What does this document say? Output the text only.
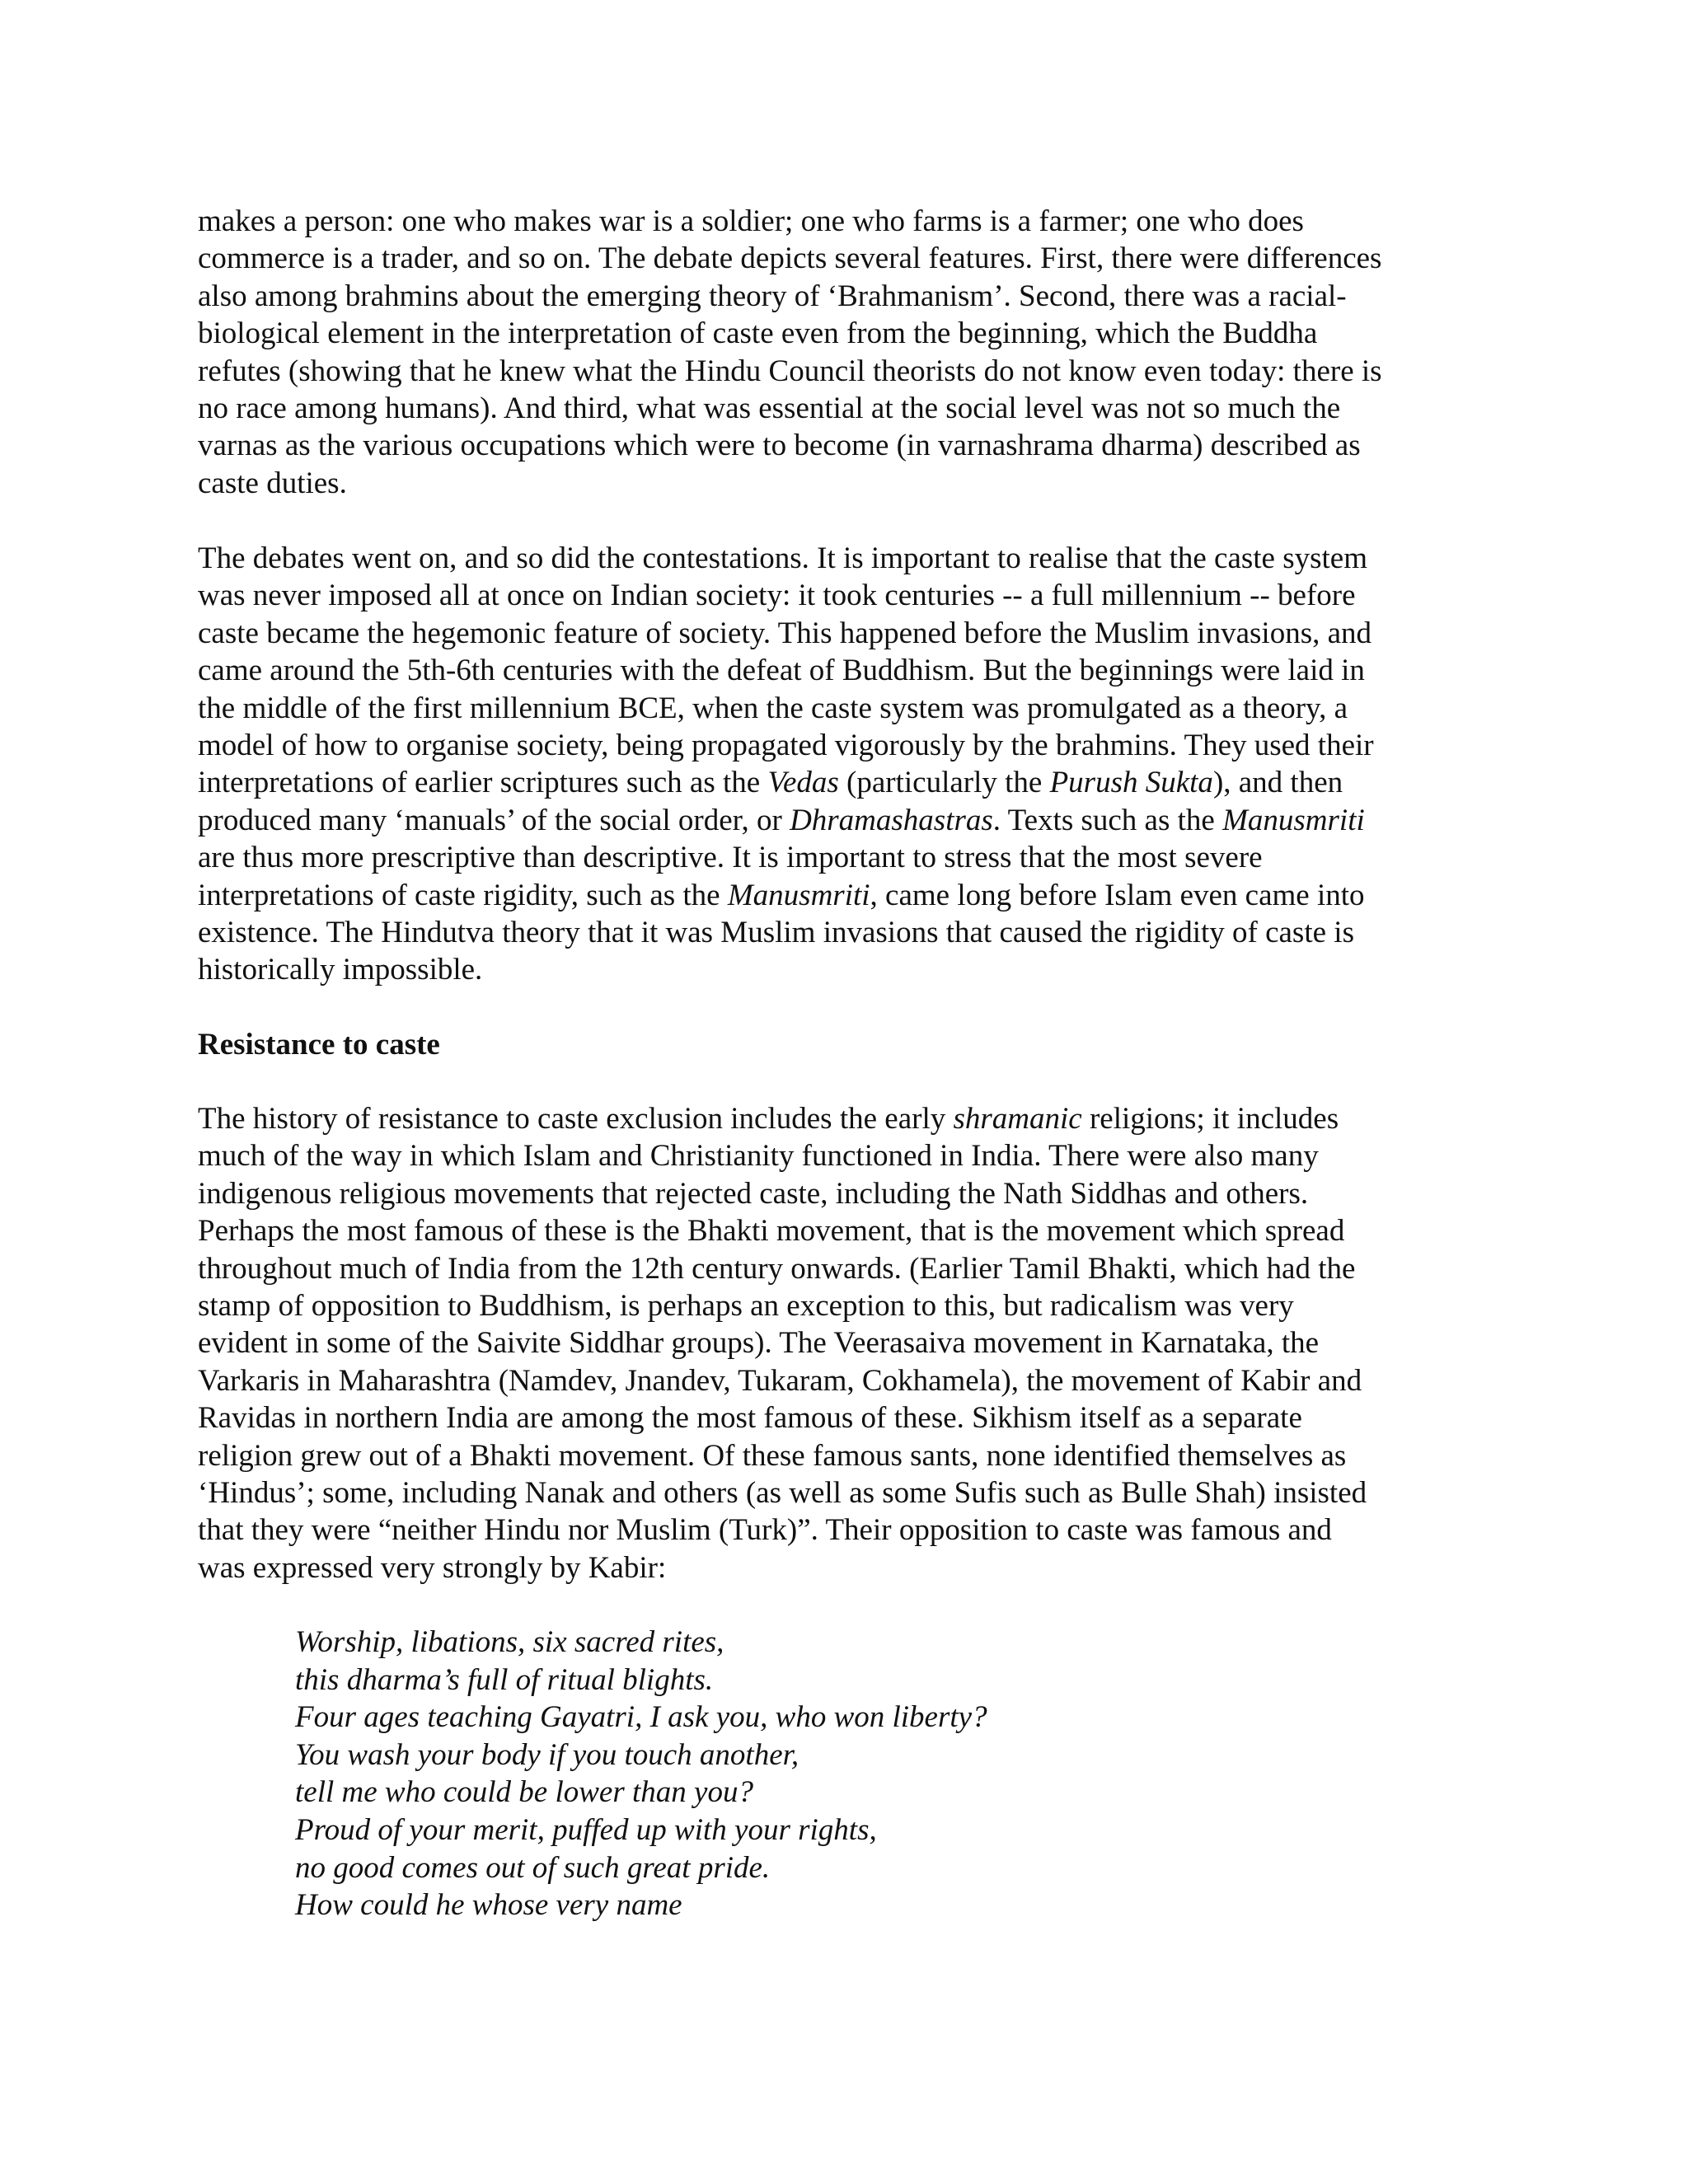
makes a person: one who makes war is a soldier; one who farms is a farmer; one who does
commerce is a trader, and so on. The debate depicts several features. First, there were differences
also among brahmins about the emerging theory of ‘Brahmanism’. Second, there was a racial-
biological element in the interpretation of caste even from the beginning, which the Buddha
refutes (showing that he knew what the Hindu Council theorists do not know even today: there is
no race among humans). And third, what was essential at the social level was not so much the
varnas as the various occupations which were to become (in varnashrama dharma) described as
caste duties.
The debates went on, and so did the contestations. It is important to realise that the caste system
was never imposed all at once on Indian society: it took centuries -- a full millennium -- before
caste became the hegemonic feature of society. This happened before the Muslim invasions, and
came around the 5th-6th centuries with the defeat of Buddhism. But the beginnings were laid in
the middle of the first millennium BCE, when the caste system was promulgated as a theory, a
model of how to organise society, being propagated vigorously by the brahmins. They used their
interpretations of earlier scriptures such as the Vedas (particularly the Purush Sukta), and then
produced many ‘manuals’ of the social order, or Dhramashastras. Texts such as the Manusmriti
are thus more prescriptive than descriptive. It is important to stress that the most severe
interpretations of caste rigidity, such as the Manusmriti, came long before Islam even came into
existence. The Hindutva theory that it was Muslim invasions that caused the rigidity of caste is
historically impossible.
Resistance to caste
The history of resistance to caste exclusion includes the early shramanic religions; it includes
much of the way in which Islam and Christianity functioned in India. There were also many
indigenous religious movements that rejected caste, including the Nath Siddhas and others.
Perhaps the most famous of these is the Bhakti movement, that is the movement which spread
throughout much of India from the 12th century onwards. (Earlier Tamil Bhakti, which had the
stamp of opposition to Buddhism, is perhaps an exception to this, but radicalism was very
evident in some of the Saivite Siddhar groups). The Veerasaiva movement in Karnataka, the
Varkaris in Maharashtra (Namdev, Jnandev, Tukaram, Cokhamela), the movement of Kabir and
Ravidas in northern India are among the most famous of these. Sikhism itself as a separate
religion grew out of a Bhakti movement. Of these famous sants, none identified themselves as
‘Hindus’; some, including Nanak and others (as well as some Sufis such as Bulle Shah) insisted
that they were “neither Hindu nor Muslim (Turk)”. Their opposition to caste was famous and
was expressed very strongly by Kabir:
Worship, libations, six sacred rites,
this dharma’s full of ritual blights.
Four ages teaching Gayatri, I ask you, who won liberty?
You wash your body if you touch another,
tell me who could be lower than you?
Proud of your merit, puffed up with your rights,
no good comes out of such great pride.
How could he whose very name
